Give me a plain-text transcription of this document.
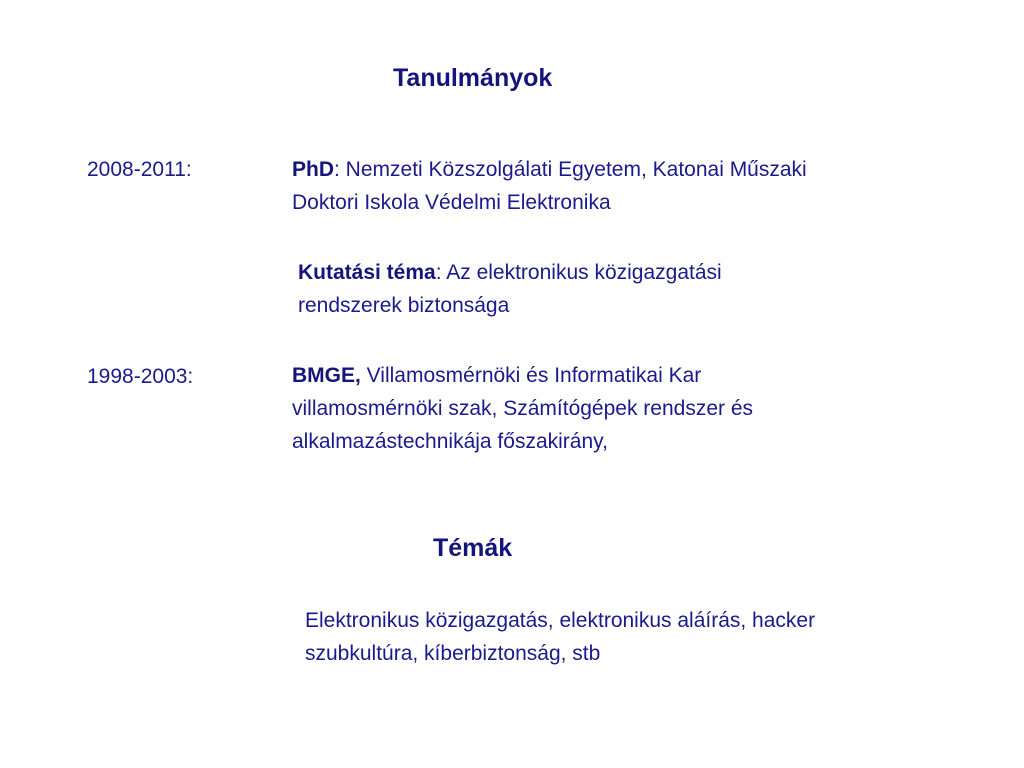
Tanulmányok
2008-2011:	PhD: Nemzeti Közszolgálati Egyetem, Katonai Műszaki
Doktori Iskola Védelmi Elektronika
Kutatási téma: Az elektronikus közigazgatási
rendszerek biztonsága
1998-2003:	BMGE, Villamosmérnöki és Informatikai Kar
villamosmérnöki szak, Számítógépek rendszer és
alkalmazástechnikája főszakirány,
Témák
Elektronikus közigazgatás, elektronikus aláírás, hacker
szubkultúra, kíberbiztonság, stb
